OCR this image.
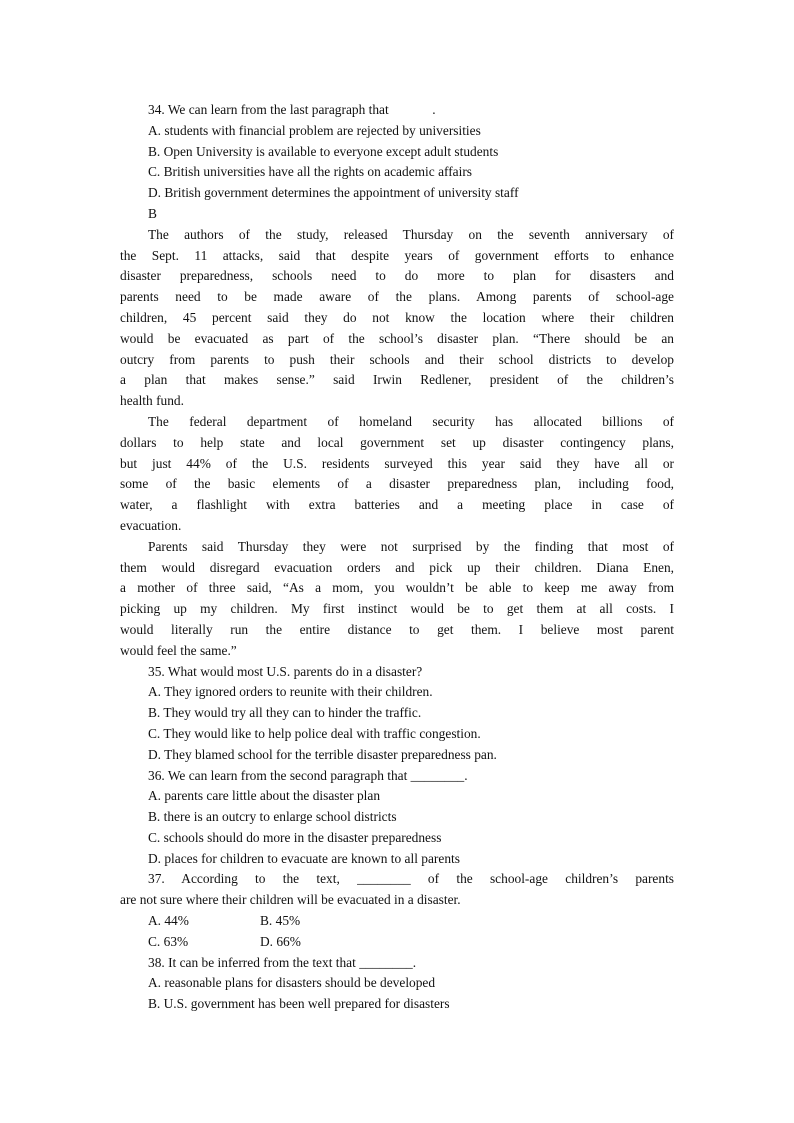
34. We can learn from the last paragraph that             .
A. students with financial problem are rejected by universities
B. Open University is available to everyone except adult students
C. British universities have all the rights on academic affairs
D. British government determines the appointment of university staff
B
The authors of the study, released Thursday on the seventh anniversary of
the Sept. 11 attacks, said that despite years of government efforts to enhance
disaster preparedness, schools need to do more to plan for disasters and
parents need to be made aware of the plans. Among parents of school-age
children, 45 percent said they do not know the location where their children
would be evacuated as part of the school’s disaster plan. “There should be an
outcry from parents to push their schools and their school districts to develop
a plan that makes sense.” said Irwin Redlener, president of the children’s
health fund.
The federal department of homeland security has allocated billions of
dollars to help state and local government set up disaster contingency plans,
but just 44% of the U.S. residents surveyed this year said they have all or
some of the basic elements of a disaster preparedness plan, including food,
water, a flashlight with extra batteries and a meeting place in case of
evacuation.
Parents said Thursday they were not surprised by the finding that most of
them would disregard evacuation orders and pick up their children. Diana Enen,
a mother of three said, “As a mom, you wouldn’t be able to keep me away from
picking up my children. My first instinct would be to get them at all costs. I
would literally run the entire distance to get them. I believe most parent
would feel the same.”
35. What would most U.S. parents do in a disaster?
A. They ignored orders to reunite with their children.
B. They would try all they can to hinder the traffic.
C. They would like to help police deal with traffic congestion.
D. They blamed school for the terrible disaster preparedness pan.
36. We can learn from the second paragraph that ________.
A. parents care little about the disaster plan
B. there is an outcry to enlarge school districts
C. schools should do more in the disaster preparedness
D. places for children to evacuate are known to all parents
37. According to the text, ________ of the school-age children’s parents
are not sure where their children will be evacuated in a disaster.
A. 44%	B. 45%
C. 63%	D. 66%
38. It can be inferred from the text that ________.
A. reasonable plans for disasters should be developed
B. U.S. government has been well prepared for disasters
